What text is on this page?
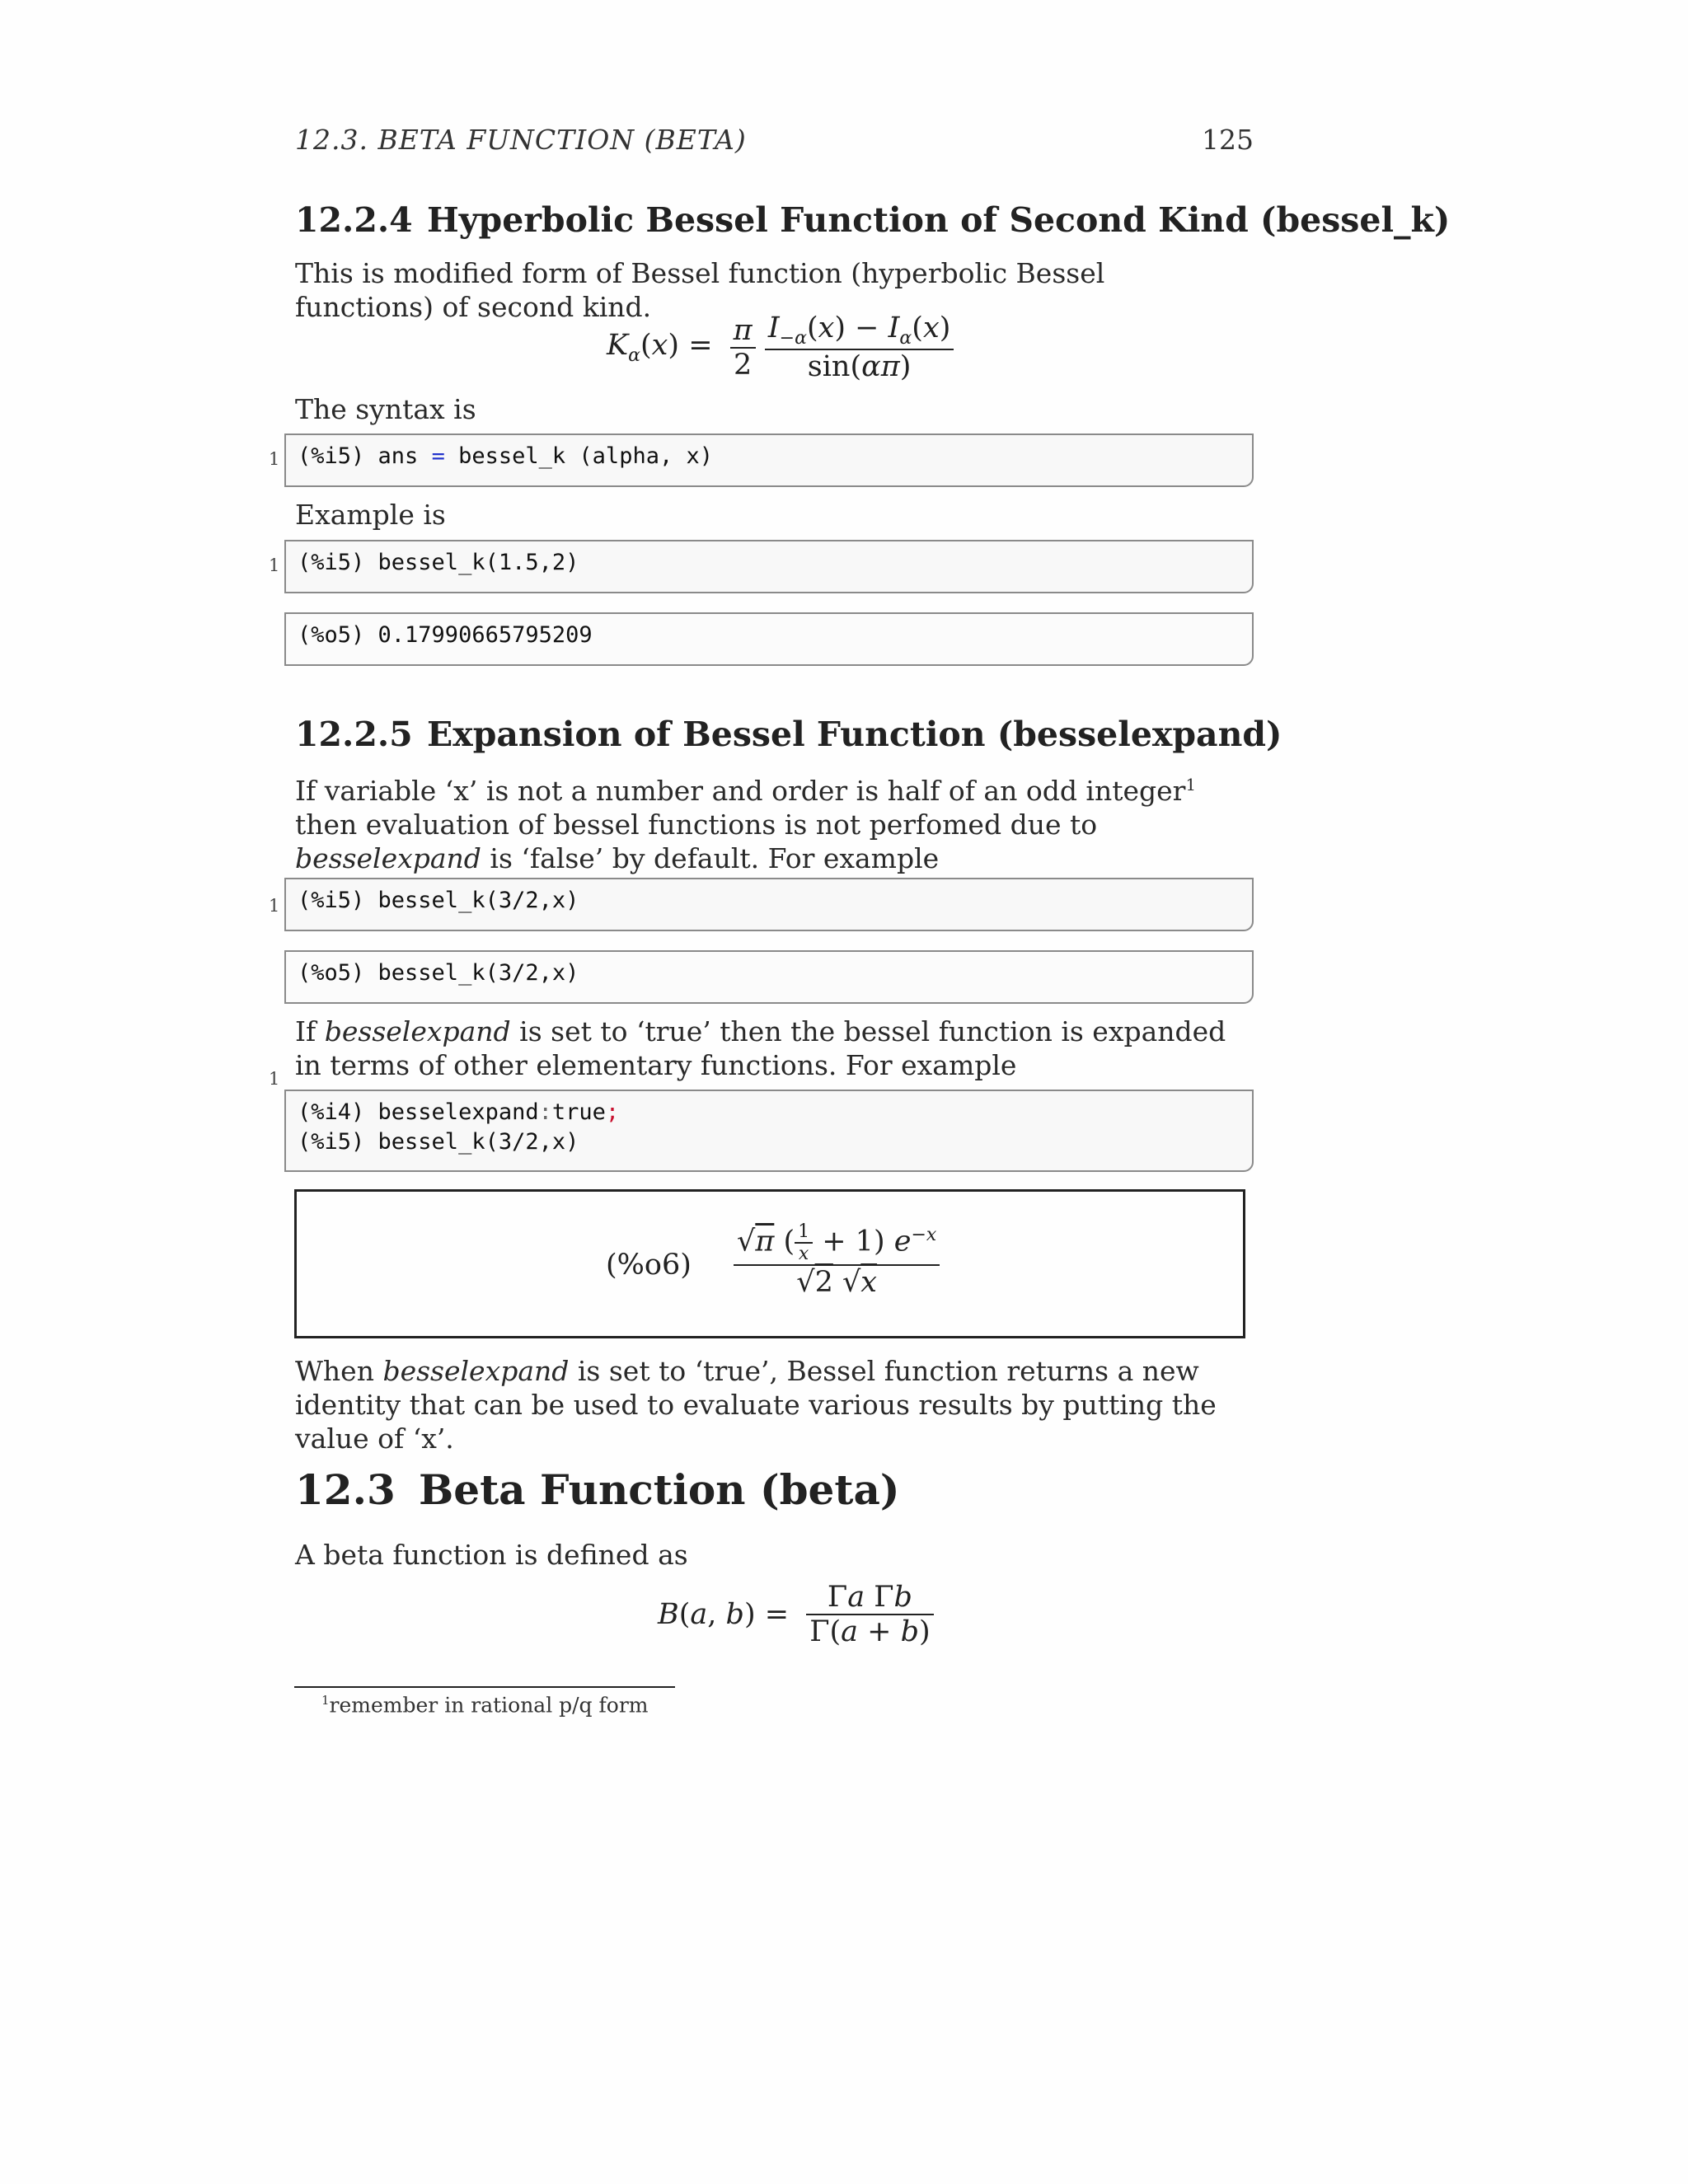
12.3. BETA FUNCTION (BETA)	125
12.2.4 Hyperbolic Bessel Function of Second Kind (bessel_k)
This is modified form of Bessel function (hyperbolic Bessel functions) of second kind.
$K_\alpha(x) = \frac{\pi}{2}$
$\frac{I_{-\alpha}(x) - I_\alpha(x)}{\sin(\alpha\pi)}$
The syntax is
1 (%i5) ans = bessel_k (alpha, x)
Example is
1 (%i5) bessel_k(1.5,2)
(%o5) 0.17990665795209
12.2.5 Expansion of Bessel Function (besselexpand)
If variable ‘x’ is not a number and order is half of an odd integer$^1$ then evaluation of bessel functions is not perfomed due to besselexpand is ‘false’ by default. For example
1 (%i5) bessel_k(3/2,x)
(%o5) bessel_k(3/2,x)
If besselexpand is set to ‘true’ then the bessel function is expanded in terms of other elementary functions. For example
1
(%i4) besselexpand:true;
(%i5) bessel_k(3/2,x)
$(\%o6) \frac{√\pi ( \frac{1}{x} + 1) e^{-x}}{√2 √x}$
When besselexpand is set to ‘true’, Bessel function returns a new identity that can be used to evaluate various results by putting the value of ‘x’.
12.3 Beta Function (beta)
A beta function is defined as
B(a, $b) = \frac{\text{Γa Γb}}{\Gamma(a + b)}$
$^1$remember in rational p/q form
